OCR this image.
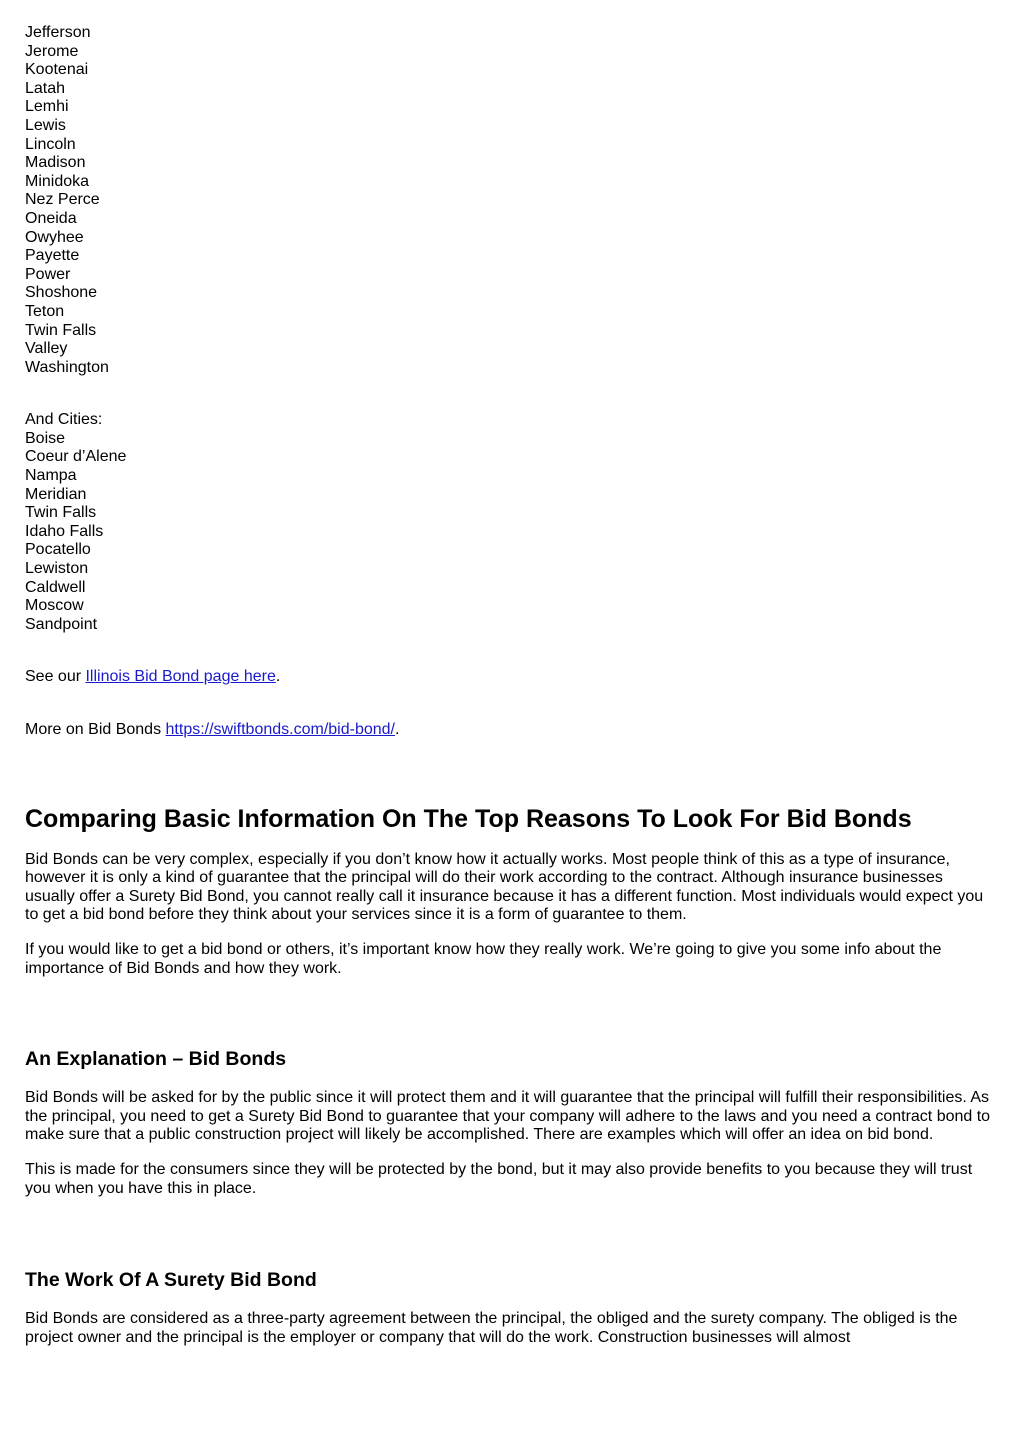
Jefferson
Jerome
Kootenai
Latah
Lemhi
Lewis
Lincoln
Madison
Minidoka
Nez Perce
Oneida
Owyhee
Payette
Power
Shoshone
Teton
Twin Falls
Valley
Washington
And Cities:
Boise
Coeur d’Alene
Nampa
Meridian
Twin Falls
Idaho Falls
Pocatello
Lewiston
Caldwell
Moscow
Sandpoint

See our Illinois Bid Bond page here.

More on Bid Bonds https://swiftbonds.com/bid-bond/.

Comparing Basic Information On The Top Reasons To Look For Bid Bonds

Bid Bonds can be very complex, especially if you don’t know how it actually works. Most people think of this as a type of insurance, however it is only a kind of guarantee that the principal will do their work according to the contract. Although insurance businesses usually offer a Surety Bid Bond, you cannot really call it insurance because it has a different function. Most individuals would expect you to get a bid bond before they think about your services since it is a form of guarantee to them.

If you would like to get a bid bond or others, it’s important know how they really work. We’re going to give you some info about the importance of Bid Bonds and how they work.

An Explanation – Bid Bonds

Bid Bonds will be asked for by the public since it will protect them and it will guarantee that the principal will fulfill their responsibilities. As the principal, you need to get a Surety Bid Bond to guarantee that your company will adhere to the laws and you need a contract bond to make sure that a public construction project will likely be accomplished. There are examples which will offer an idea on bid bond.

This is made for the consumers since they will be protected by the bond, but it may also provide benefits to you because they will trust you when you have this in place.

The Work Of A Surety Bid Bond

Bid Bonds are considered as a three-party agreement between the principal, the obliged and the surety company. The obliged is the project owner and the principal is the employer or company that will do the work. Construction businesses will almost
